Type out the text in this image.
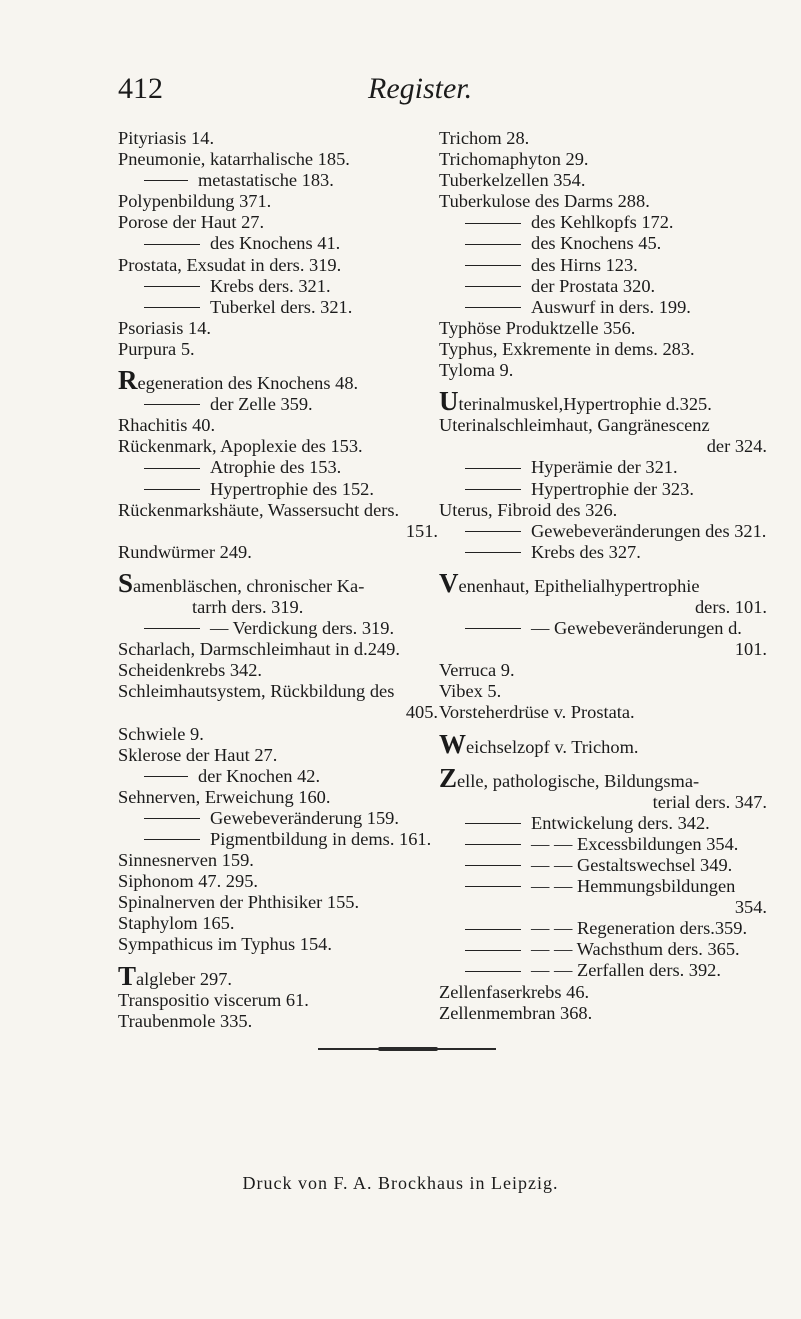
412	Register.
Pityriasis 14.
Pneumonie, katarrhalische 185.
metastatische 183.
Polypenbildung 371.
Porose der Haut 27.
des Knochens 41.
Prostata, Exsudat in ders. 319.
Krebs ders. 321.
Tuberkel ders. 321.
Psoriasis 14.
Purpura 5.
Regeneration des Knochens 48.
der Zelle 359.
Rhachitis 40.
Rückenmark, Apoplexie des 153.
Atrophie des 153.
Hypertrophie des 152.
Rückenmarkshäute, Wassersucht ders.
151.
Rundwürmer 249.
Samenbläschen, chronischer Ka-
tarrh ders. 319.
— Verdickung ders. 319.
Scharlach, Darmschleimhaut in d.249.
Scheidenkrebs 342.
Schleimhautsystem, Rückbildung des
405.
Schwiele 9.
Sklerose der Haut 27.
der Knochen 42.
Sehnerven, Erweichung 160.
Gewebeveränderung 159.
Pigmentbildung in dems. 161.
Sinnesnerven 159.
Siphonom 47. 295.
Spinalnerven der Phthisiker 155.
Staphylom 165.
Sympathicus im Typhus 154.
Talgleber 297.
Transpositio viscerum 61.
Traubenmole 335.
Trichom 28.
Trichomaphyton 29.
Tuberkelzellen 354.
Tuberkulose des Darms 288.
des Kehlkopfs 172.
des Knochens 45.
des Hirns 123.
der Prostata 320.
Auswurf in ders. 199.
Typhöse Produktzelle 356.
Typhus, Exkremente in dems. 283.
Tyloma 9.
Uterinalmuskel,Hypertrophie d.325.
Uterinalschleimhaut, Gangränescenz
der 324.
Hyperämie der 321.
Hypertrophie der 323.
Uterus, Fibroid des 326.
Gewebeveränderungen des 321.
Krebs des 327.
Venenhaut, Epithelialhypertrophie
ders. 101.
— Gewebeveränderungen d.
101.
Verruca 9.
Vibex 5.
Vorsteherdrüse v. Prostata.
Weichselzopf v. Trichom.
Zelle, pathologische, Bildungsma-
terial ders. 347.
Entwickelung ders. 342.
— — Excessbildungen 354.
— — Gestaltswechsel 349.
— — Hemmungsbildungen
354.
— — Regeneration ders.359.
— — Wachsthum ders. 365.
— — Zerfallen ders. 392.
Zellenfaserkrebs 46.
Zellenmembran 368.
Druck von F. A. Brockhaus in Leipzig.
